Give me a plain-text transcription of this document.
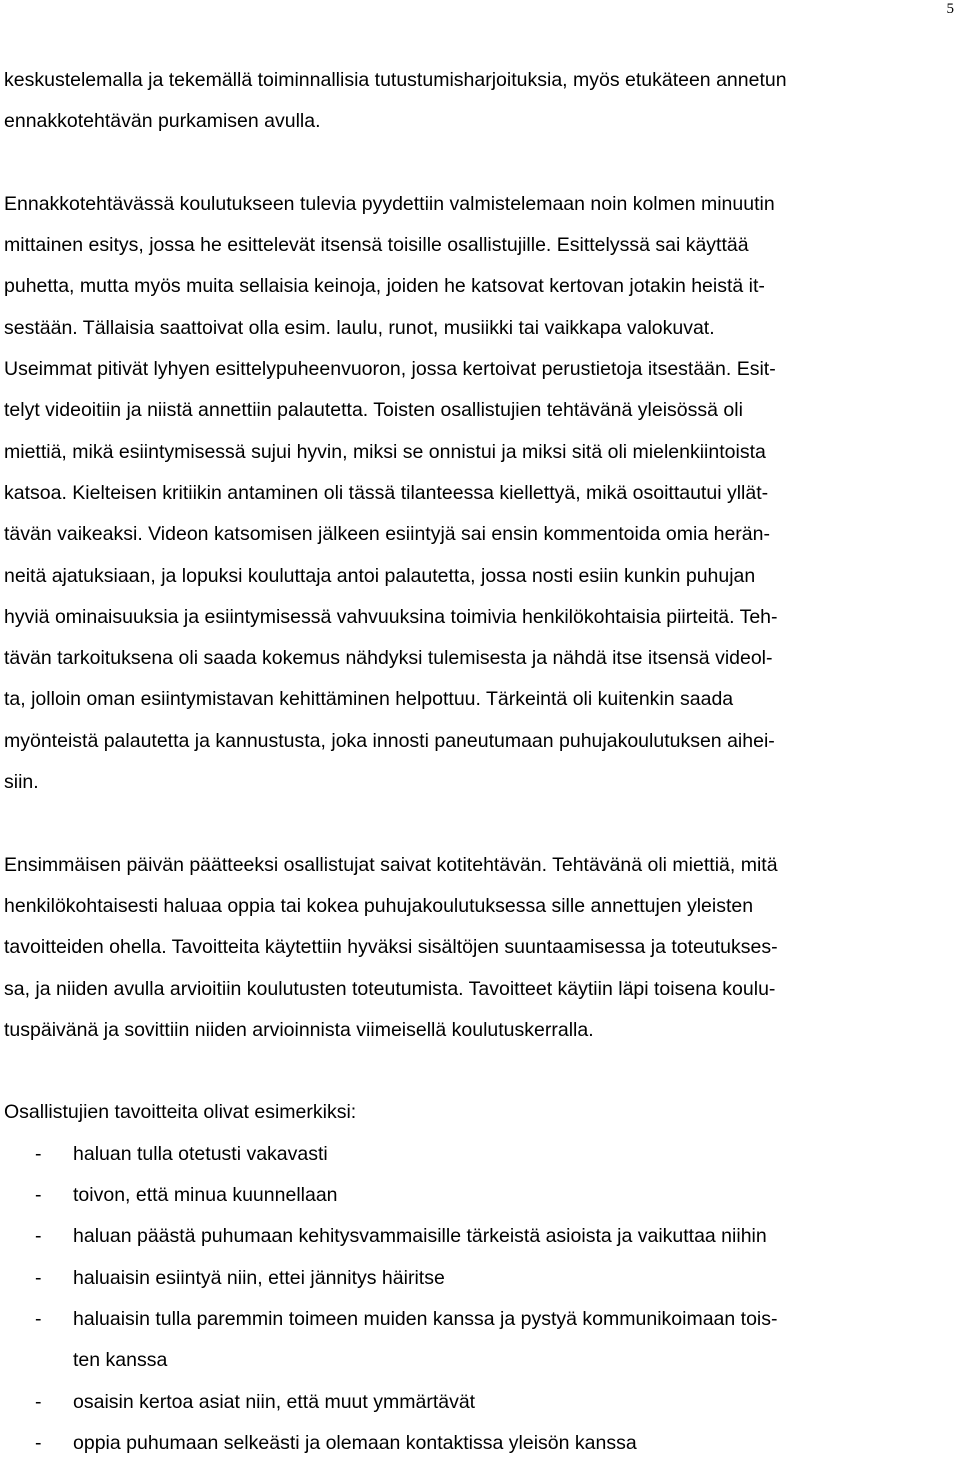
5

keskustelemalla ja tekemällä toiminnallisia tutustumisharjoituksia, myös etukäteen annetun
ennakkotehtävän purkamisen avulla.

Ennakkotehtävässä koulutukseen tulevia pyydettiin valmistelemaan noin kolmen minuutin
mittainen esitys, jossa he esittelevät itsensä toisille osallistujille. Esittelyssä sai käyttää
puhetta, mutta myös muita sellaisia keinoja, joiden he katsovat kertovan jotakin heistä it-
sestään. Tällaisia saattoivat olla esim. laulu, runot, musiikki tai vaikkapa valokuvat.
Useimmat pitivät lyhyen esittelypuheenvuoron, jossa kertoivat perustietoja itsestään. Esit-
telyt videoitiin ja niistä annettiin palautetta. Toisten osallistujien tehtävänä yleisössä oli
miettiä, mikä esiintymisessä sujui hyvin, miksi se onnistui ja miksi sitä oli mielenkiintoista
katsoa. Kielteisen kritiikin antaminen oli tässä tilanteessa kiellettyä, mikä osoittautui yllät-
tävän vaikeaksi. Videon katsomisen jälkeen esiintyjä sai ensin kommentoida omia herän-
neitä ajatuksiaan, ja lopuksi kouluttaja antoi palautetta, jossa nosti esiin kunkin puhujan
hyviä ominaisuuksia ja esiintymisessä vahvuuksina toimivia henkilökohtaisia piirteitä. Teh-
tävän tarkoituksena oli saada kokemus nähdyksi tulemisesta ja nähdä itse itsensä videol-
ta, jolloin oman esiintymistavan kehittäminen helpottuu. Tärkeintä oli kuitenkin saada
myönteistä palautetta ja kannustusta, joka innosti paneutumaan puhujakoulutuksen aihei-
siin.

Ensimmäisen päivän päätteeksi osallistujat saivat kotitehtävän. Tehtävänä oli miettiä, mitä
henkilökohtaisesti haluaa oppia tai kokea puhujakoulutuksessa sille annettujen yleisten
tavoitteiden ohella. Tavoitteita käytettiin hyväksi sisältöjen suuntaamisessa ja toteutukses-
sa, ja niiden avulla arvioitiin koulutusten toteutumista. Tavoitteet käytiin läpi toisena koulu-
tuspäivänä ja sovittiin niiden arvioinnista viimeisellä koulutuskerralla.

Osallistujien tavoitteita olivat esimerkiksi:

- haluan tulla otetusti vakavasti
- toivon, että minua kuunnellaan
- haluan päästä puhumaan kehitysvammaisille tärkeistä asioista ja vaikuttaa niihin
- haluaisin esiintyä niin, ettei jännitys häiritse
- haluaisin tulla paremmin toimeen muiden kanssa ja pystyä kommunikoimaan tois-
ten kanssa
- osaisin kertoa asiat niin, että muut ymmärtävät
- oppia puhumaan selkeästi ja olemaan kontaktissa yleisön kanssa
